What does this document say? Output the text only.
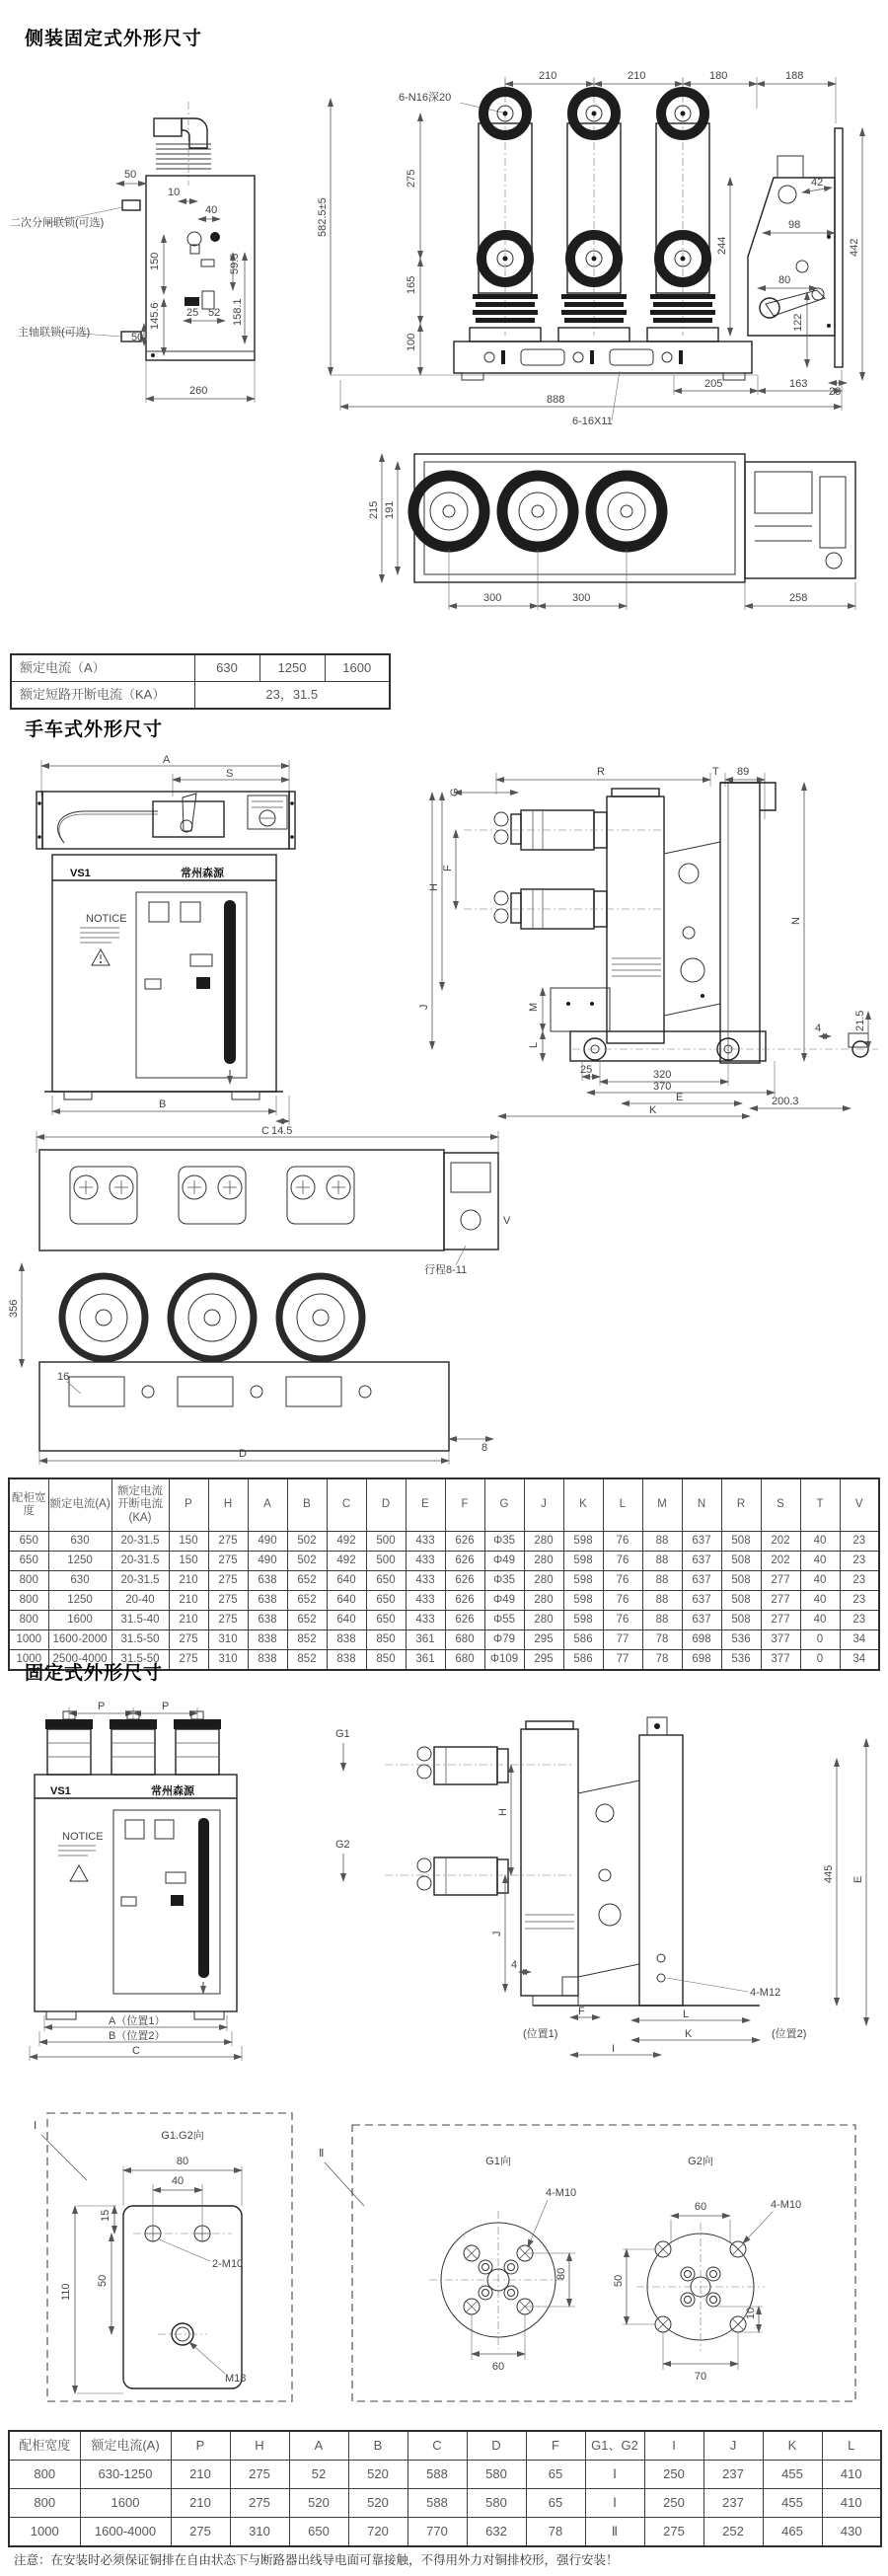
侧装固定式外形尺寸
二次分闸联锁(可选)
主轴联锁(可选)
50
10
40
150
145.6 25 52
59.5
158.1
50
260
210	210	180	188
6-N16深20
582.5±5
275
165
100
42
98
244
80
122
442
23
205	163
888
6-16X11
215 191
300	300	258
额定电流（A）	630	1250	1600
额定短路开断电流（KA）	23，31.5		
手车式外形尺寸
A
S
VS1	常州森源
NOTICE
B
14.5
R	T 89
G
H
F
J	M
L
N
4	21.5
25	320
370
E
K
200.3
C
V
行程8-11
356
16
D	8
配柜宽度	额定电流(A)	额定电流开断电流(KA)	P	H	A	B	C	D	E	F	G	J	K	L	M	N	R	S	T	V
650	630	20-31.5	150	275	490	502	492	500	433	626	Φ35	280	598	76	88	637	508	202	40	23
650	1250	20-31.5	150	275	490	502	492	500	433	626	Φ49	280	598	76	88	637	508	202	40	23
800	630	20-31.5	210	275	638	652	640	650	433	626	Φ35	280	598	76	88	637	508	277	40	23
800	1250	20-40	210	275	638	652	640	650	433	626	Φ49	280	598	76	88	637	508	277	40	23
800	1600	31.5-40	210	275	638	652	640	650	433	626	Φ55	280	598	76	88	637	508	277	40	23
1000	1600-2000	31.5-50	275	310	838	852	838	850	361	680	Φ79	295	586	77	78	698	536	377	0	34
1000	2500-4000	31.5-50	275	310	838	852	838	850	361	680	Φ109	295	586	77	78	698	536	377	0	34
固定式外形尺寸
P	P
VS1	常州森源
NOTICE
A（位置1）
B（位置2）
C
G1
G2
H
J
4
445 E
4-M12
F	L
K
(位置1)	(位置2)
I
Ⅰ
G1.G2向
80
40
15
50
110
2-M10
M18
Ⅱ
G1向	G2向
4-M10
80
60
60	4-M10
50
10
70
配柜宽度	额定电流(A)	P	H	A	B	C	D	F	G1、G2	I	J	K	L
800	630-1250	210	275	52	520	588	580	65	Ⅰ	250	237	455	410
800	1600	210	275	520	520	588	580	65	Ⅰ	250	237	455	410
1000	1600-4000	275	310	650	720	770	632	78	Ⅱ	275	252	465	430
注意：在安装时必须保证铜排在自由状态下与断路器出线导电面可靠接触，不得用外力对铜排校形，强行安装！
